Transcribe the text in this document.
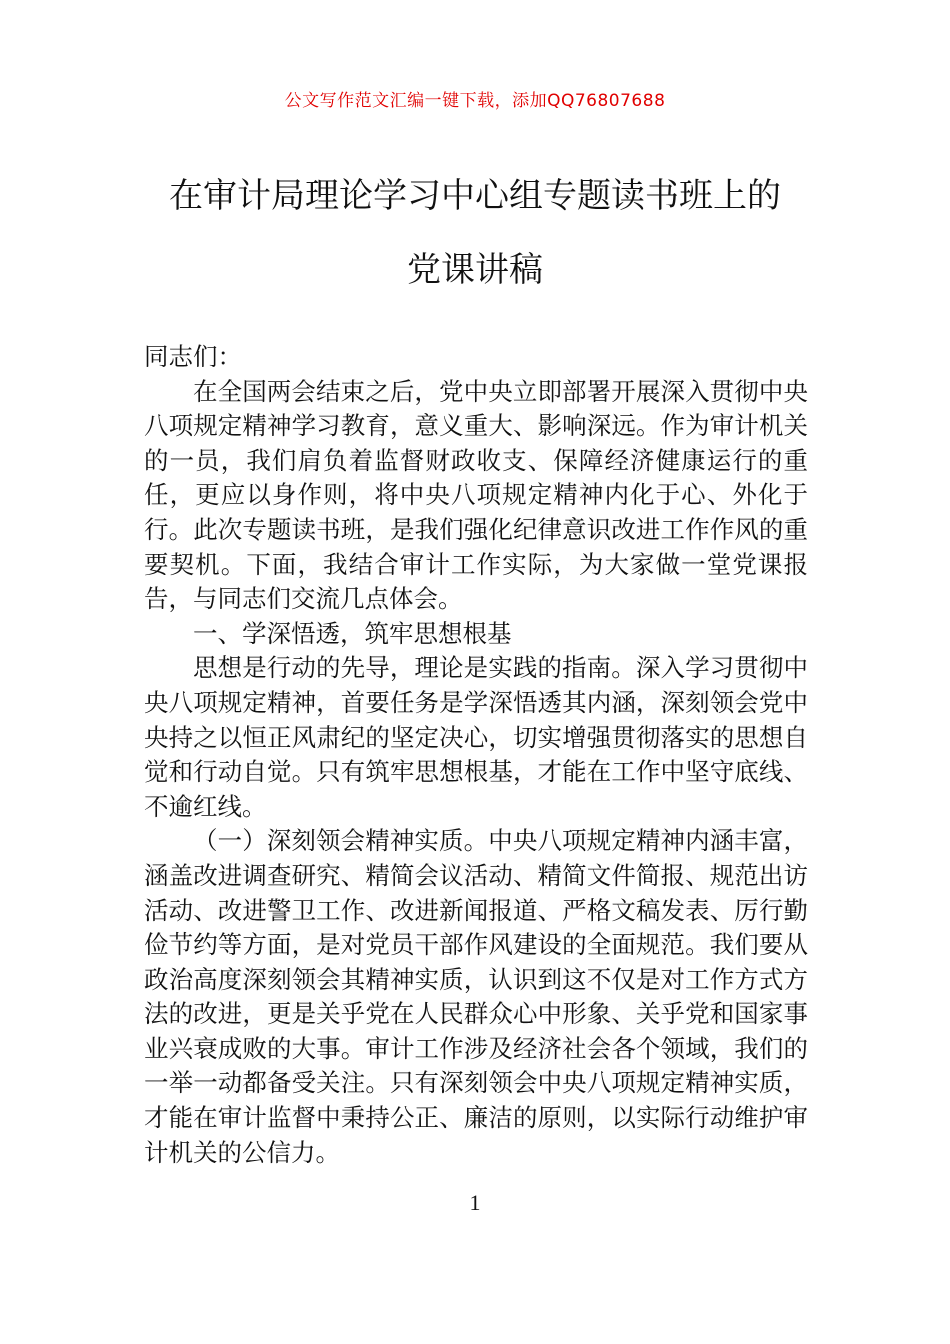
公文写作范文汇编一键下载，添加QQ76807688
在审计局理论学习中心组专题读书班上的
党课讲稿

同志们：

在全国两会结束之后，党中央立即部署开展深入贯彻中央八项规定精神学习教育，意义重大、影响深远。作为审计机关的一员，我们肩负着监督财政收支、保障经济健康运行的重任，更应以身作则，将中央八项规定精神内化于心、外化于行。此次专题读书班，是我们强化纪律意识改进工作作风的重要契机。下面，我结合审计工作实际，为大家做一堂党课报告，与同志们交流几点体会。

一、学深悟透，筑牢思想根基

思想是行动的先导，理论是实践的指南。深入学习贯彻中央八项规定精神，首要任务是学深悟透其内涵，深刻领会党中央持之以恒正风肃纪的坚定决心，切实增强贯彻落实的思想自觉和行动自觉。只有筑牢思想根基，才能在工作中坚守底线、不逾红线。

（一）深刻领会精神实质。中央八项规定精神内涵丰富，涵盖改进调查研究、精简会议活动、精简文件简报、规范出访活动、改进警卫工作、改进新闻报道、严格文稿发表、厉行勤俭节约等方面，是对党员干部作风建设的全面规范。我们要从政治高度深刻领会其精神实质，认识到这不仅是对工作方式方法的改进，更是关乎党在人民群众心中形象、关乎党和国家事业兴衰成败的大事。审计工作涉及经济社会各个领域，我们的一举一动都备受关注。只有深刻领会中央八项规定精神实质，才能在审计监督中秉持公正、廉洁的原则，以实际行动维护审计机关的公信力。

1
